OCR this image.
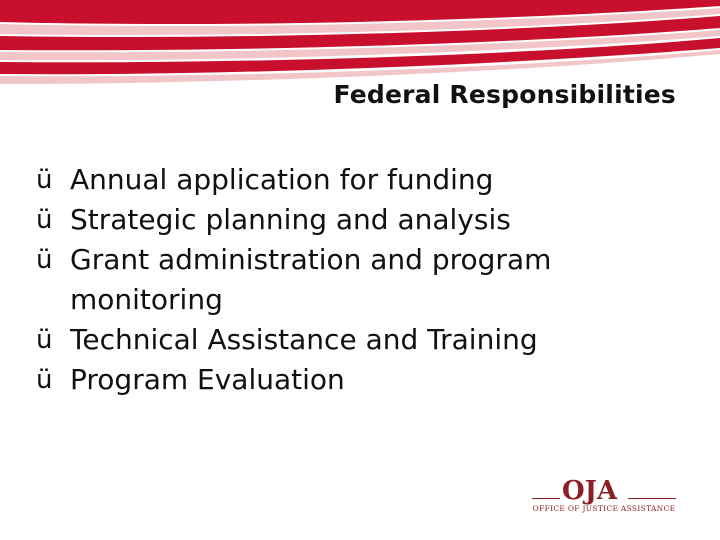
Federal Responsibilities
ü Annual application for funding
ü Strategic planning and analysis
ü Grant administration and program monitoring
ü Technical Assistance and Training
ü Program Evaluation
OJA
OFFICE OF JUSTICE ASSISTANCE
